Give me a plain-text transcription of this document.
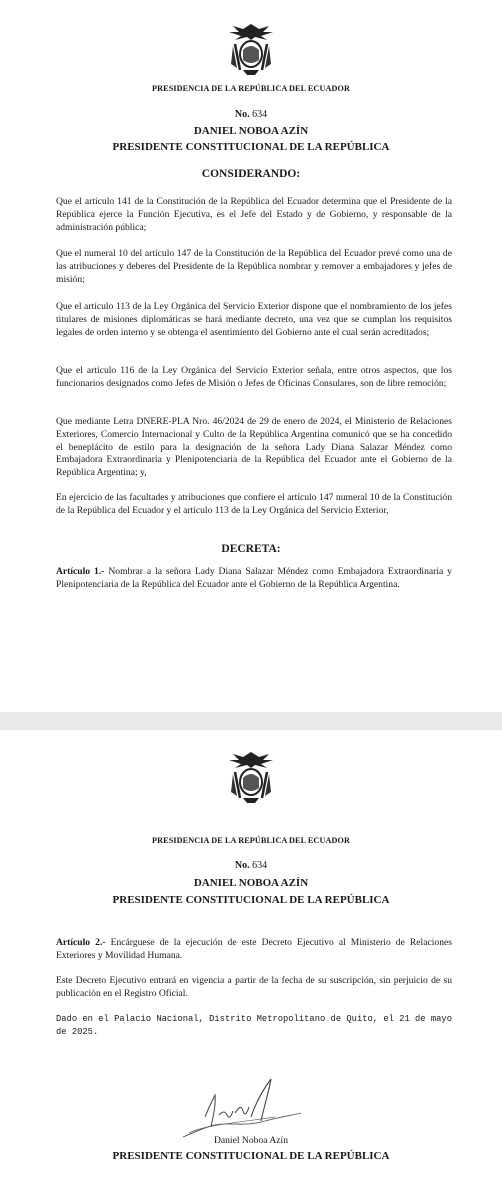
PRESIDENCIA DE LA REPÚBLICA DEL ECUADOR
No. 634
DANIEL NOBOA AZÍN
PRESIDENTE CONSTITUCIONAL DE LA REPÚBLICA
CONSIDERANDO:
Que el artículo 141 de la Constitución de la República del Ecuador determina que el Presidente de la República ejerce la Función Ejecutiva, es el Jefe del Estado y de Gobierno, y responsable de la administración pública;
Que el numeral 10 del artículo 147 de la Constitución de la República del Ecuador prevé como una de las atribuciones y deberes del Presidente de la República nombrar y remover a embajadores y jefes de misión;
Que el artículo 113 de la Ley Orgánica del Servicio Exterior dispone que el nombramiento de los jefes titulares de misiones diplomáticas se hará mediante decreto, una vez que se cumplan los requisitos legales de orden interno y se obtenga el asentimiento del Gobierno ante el cual serán acreditados;
Que el artículo 116 de la Ley Orgánica del Servicio Exterior señala, entre otros aspectos, que los funcionarios designados como Jefes de Misión o Jefes de Oficinas Consulares, son de libre remoción;
Que mediante Letra DNERE-PLA Nro. 46/2024 de 29 de enero de 2024, el Ministerio de Relaciones Exteriores, Comercio Internacional y Culto de la República Argentina comunicó que se ha concedido el beneplácito de estilo para la designación de la señora Lady Diana Salazar Méndez como Embajadora Extraordinaria y Plenipotenciaria de la República del Ecuador ante el Gobierno de la República Argentina; y,
En ejercicio de las facultades y atribuciones que confiere el artículo 147 numeral 10 de la Constitución de la República del Ecuador y el artículo 113 de la Ley Orgánica del Servicio Exterior,
DECRETA:
Artículo 1.- Nombrar a la señora Lady Diana Salazar Méndez como Embajadora Extraordinaria y Plenipotenciaria de la República del Ecuador ante el Gobierno de la República Argentina.
PRESIDENCIA DE LA REPÚBLICA DEL ECUADOR
No. 634
DANIEL NOBOA AZÍN
PRESIDENTE CONSTITUCIONAL DE LA REPÚBLICA
Artículo 2.- Encárguese de la ejecución de este Decreto Ejecutivo al Ministerio de Relaciones Exteriores y Movilidad Humana.
Este Decreto Ejecutivo entrará en vigencia a partir de la fecha de su suscripción, sin perjuicio de su publicación en el Registro Oficial.
Dado en el Palacio Nacional, Distrito Metropolitano de Quito, el 21 de mayo de 2025.
Daniel Noboa Azín
PRESIDENTE CONSTITUCIONAL DE LA REPÚBLICA
